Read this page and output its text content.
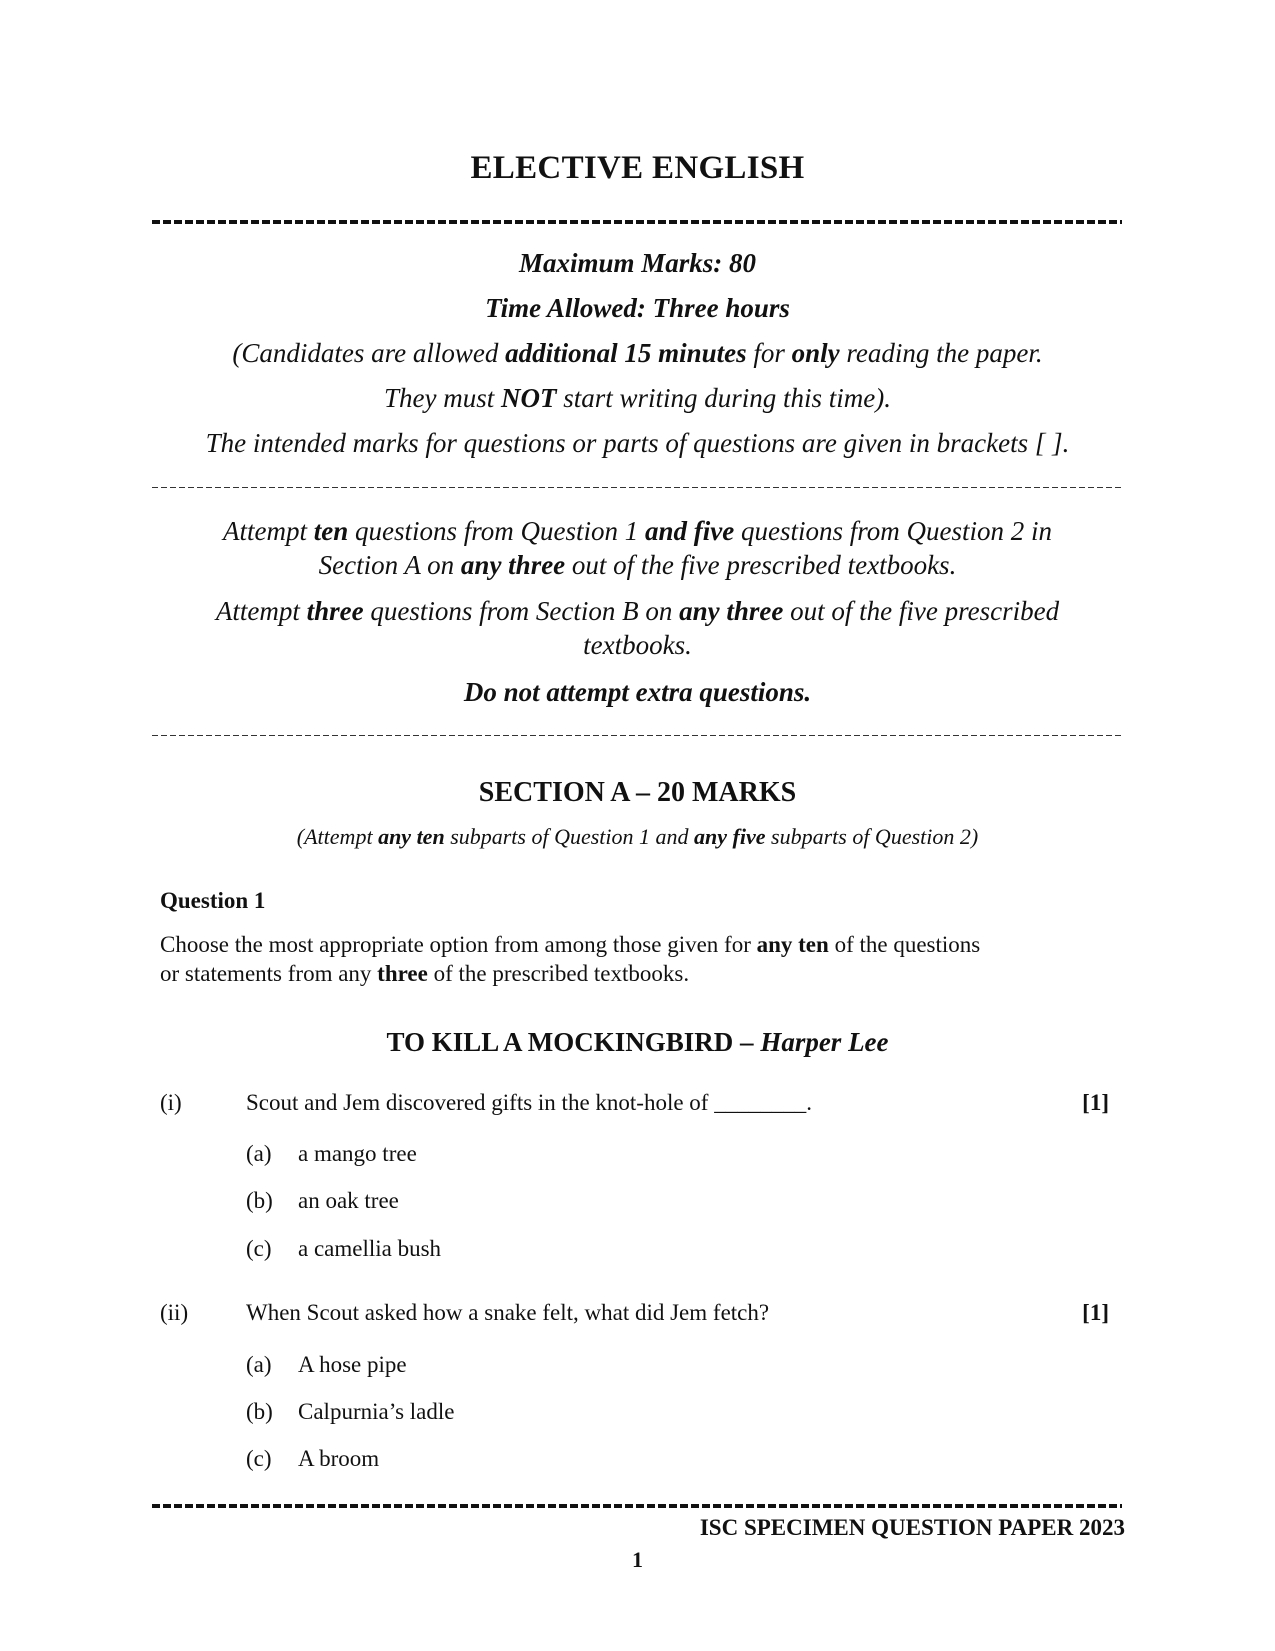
ELECTIVE ENGLISH
Maximum Marks: 80
Time Allowed: Three hours
(Candidates are allowed additional 15 minutes for only reading the paper.
They must NOT start writing during this time).
The intended marks for questions or parts of questions are given in brackets [ ].
Attempt ten questions from Question 1 and five questions from Question 2 in
Section A on any three out of the five prescribed textbooks.
Attempt three questions from Section B on any three out of the five prescribed
textbooks.
Do not attempt extra questions.
SECTION A – 20 MARKS
(Attempt any ten subparts of Question 1 and any five subparts of Question 2)
Question 1
Choose the most appropriate option from among those given for any ten of the questions
or statements from any three of the prescribed textbooks.
TO KILL A MOCKINGBIRD – Harper Lee
(i)	Scout and Jem discovered gifts in the knot-hole of ________.	[1]
(a) a mango tree
(b) an oak tree
(c) a camellia bush
(ii)	When Scout asked how a snake felt, what did Jem fetch?	[1]
(a) A hose pipe
(b) Calpurnia’s ladle
(c) A broom
ISC SPECIMEN QUESTION PAPER 2023
1
